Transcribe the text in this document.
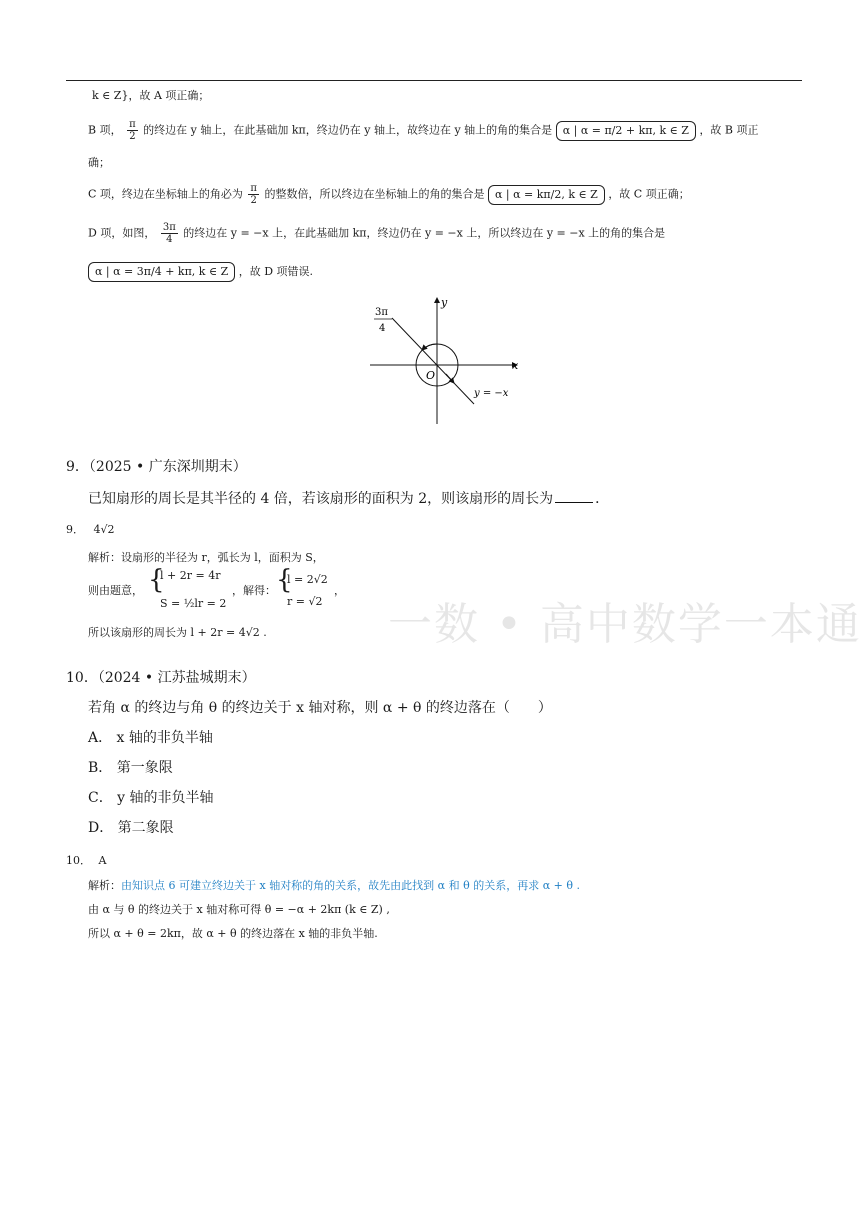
k ∈ Z}，故 A 项正确；
B 项， $\frac{\pi}{2}$ 的终边在 y 轴上，在此基础加 kπ，终边仍在 y 轴上，故终边在 y 轴上的角的集合是 α | α = π/2 + kπ, k ∈ Z ，故 B 项正
确；
C 项，终边在坐标轴上的角必为 $\frac{\pi}{2}$ 的整数倍，所以终边在坐标轴上的角的集合是 α | α = kπ/2, k ∈ Z ，故 C 项正确；
D 项，如图， $\frac{3\pi}{4}$ 的终边在 y = −x 上，在此基础加 kπ，终边仍在 y = −x 上，所以终边在 y = −x 上的角的集合是
α | α = 3π/4 + kπ, k ∈ Z ，故 D 项错误.
3π
4
y
x
O
y = −x
9．（2025 • 广东深圳期末）
已知扇形的周长是其半径的 4 倍，若该扇形的面积为 2，则该扇形的周长为	．
9． 4√2
解析：设扇形的半径为 r，弧长为 l，面积为 S，
则由题意， {
l + 2r = 4r
S = ½lr = 2
，解得： {
l = 2√2
r = √2
，
所以该扇形的周长为 l + 2r = 4√2 .	一数 • 高中数学一本通
10．（2024 • 江苏盐城期末）
若角 α 的终边与角 θ 的终边关于 x 轴对称，则 α + θ 的终边落在（　　）
A． x 轴的非负半轴
B． 第一象限
C． y 轴的非负半轴
D． 第二象限
10． A
解析：由知识点 6 可建立终边关于 x 轴对称的角的关系，故先由此找到 α 和 θ 的关系，再求 α + θ .
由 α 与 θ 的终边关于 x 轴对称可得 θ = −α + 2kπ (k ∈ Z) ,
所以 α + θ = 2kπ，故 α + θ 的终边落在 x 轴的非负半轴.
